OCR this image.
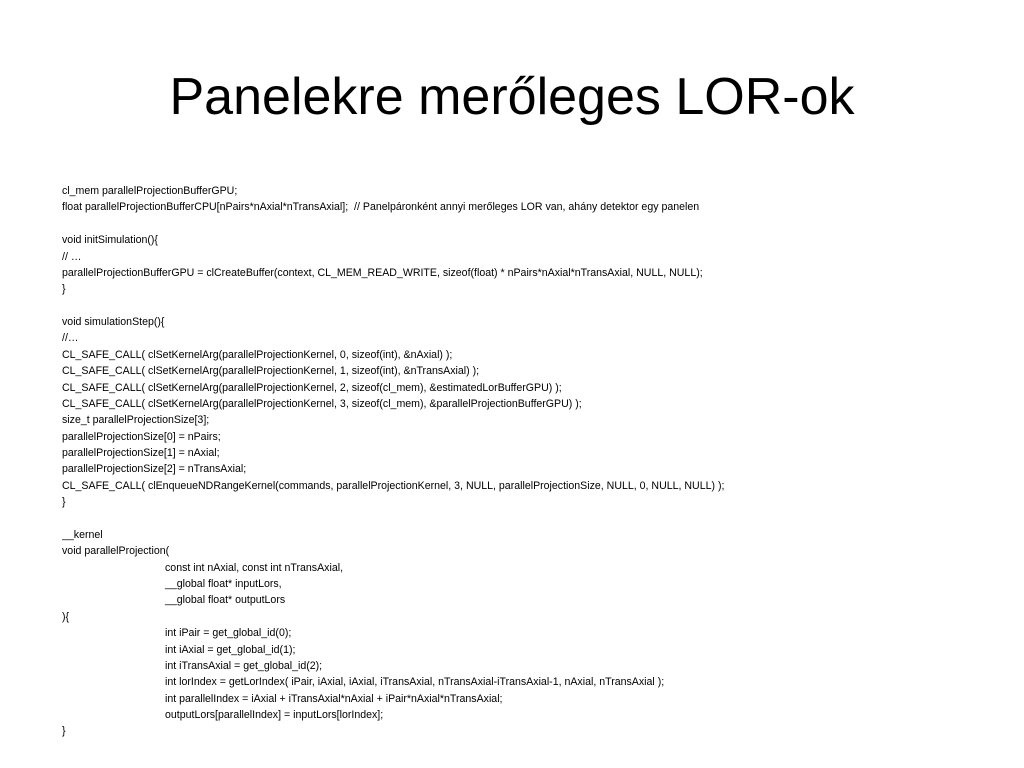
Panelekre merőleges LOR-ok
cl_mem parallelProjectionBufferGPU;
float parallelProjectionBufferCPU[nPairs*nAxial*nTransAxial];  // Panelpáronként annyi merőleges LOR van, ahány detektor egy panelen
void initSimulation(){
// …
parallelProjectionBufferGPU = clCreateBuffer(context, CL_MEM_READ_WRITE, sizeof(float) * nPairs*nAxial*nTransAxial, NULL, NULL);
}
void simulationStep(){
//…
CL_SAFE_CALL( clSetKernelArg(parallelProjectionKernel, 0, sizeof(int), &nAxial) );
CL_SAFE_CALL( clSetKernelArg(parallelProjectionKernel, 1, sizeof(int), &nTransAxial) );
CL_SAFE_CALL( clSetKernelArg(parallelProjectionKernel, 2, sizeof(cl_mem), &estimatedLorBufferGPU) );
CL_SAFE_CALL( clSetKernelArg(parallelProjectionKernel, 3, sizeof(cl_mem), &parallelProjectionBufferGPU) );
size_t parallelProjectionSize[3];
parallelProjectionSize[0] = nPairs;
parallelProjectionSize[1] = nAxial;
parallelProjectionSize[2] = nTransAxial;
CL_SAFE_CALL( clEnqueueNDRangeKernel(commands, parallelProjectionKernel, 3, NULL, parallelProjectionSize, NULL, 0, NULL, NULL) );
}
__kernel
void parallelProjection(
const int nAxial, const int nTransAxial,
__global float* inputLors,
__global float* outputLors
){
int iPair = get_global_id(0);
int iAxial = get_global_id(1);
int iTransAxial = get_global_id(2);
int lorIndex = getLorIndex( iPair, iAxial, iAxial, iTransAxial, nTransAxial-iTransAxial-1, nAxial, nTransAxial );
int parallelIndex = iAxial + iTransAxial*nAxial + iPair*nAxial*nTransAxial;
outputLors[parallelIndex] = inputLors[lorIndex];
}
